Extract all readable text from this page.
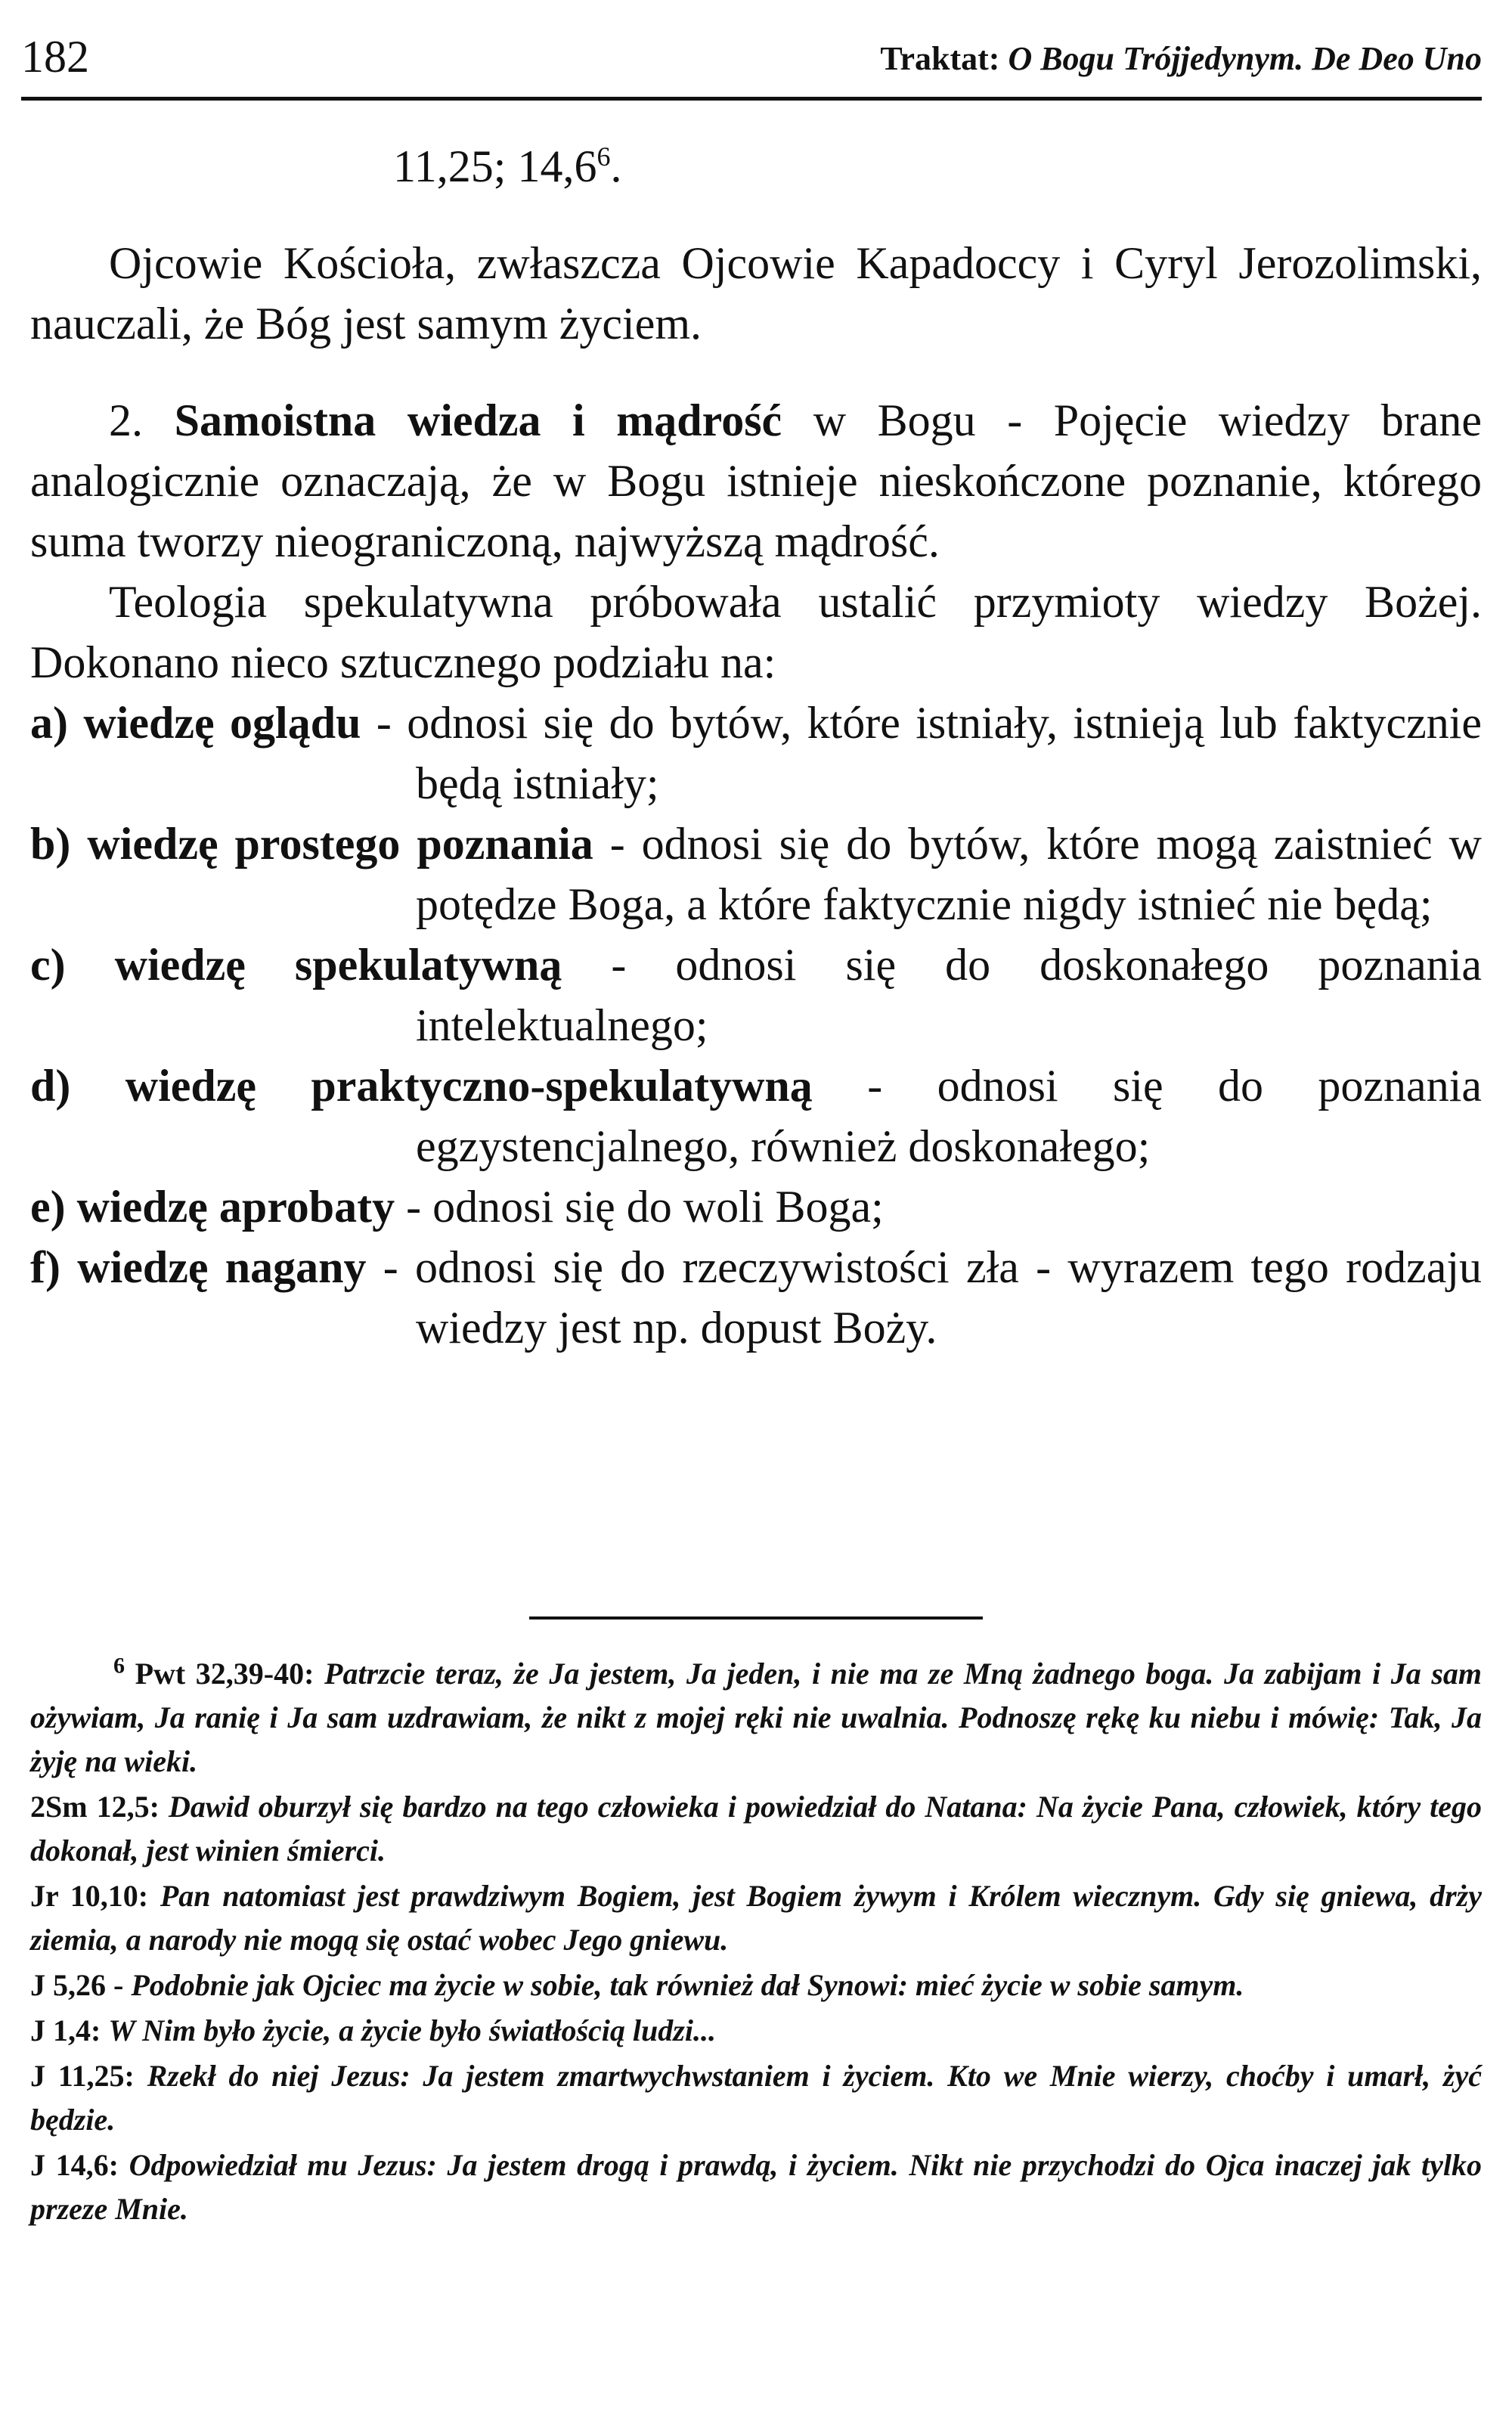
182	Traktat: O Bogu Trójjedynym. De Deo Uno
11,25; 14,6$^6$.
Ojcowie Kościoła, zwłaszcza Ojcowie Kapadoccy i Cyryl Jerozolimski, nauczali, że Bóg jest samym życiem.
2. Samoistna wiedza i mądrość w Bogu - Pojęcie wiedzy brane analogicznie oznaczają, że w Bogu istnieje nieskończone poznanie, którego suma tworzy nieograniczoną, najwyższą mądrość.
Teologia spekulatywna próbowała ustalić przymioty wiedzy Bożej. Dokonano nieco sztucznego podziału na:
a) wiedzę oglądu - odnosi się do bytów, które istniały, istnieją lub faktycznie będą istniały;
b) wiedzę prostego poznania - odnosi się do bytów, które mogą zaistnieć w potędze Boga, a które faktycznie nigdy istnieć nie będą;
c) wiedzę spekulatywną - odnosi się do doskonałego poznania intelektualnego;
d) wiedzę praktyczno-spekulatywną - odnosi się do poznania egzystencjalnego, również doskonałego;
e) wiedzę aprobaty - odnosi się do woli Boga;
f) wiedzę nagany - odnosi się do rzeczywistości zła - wyrazem tego rodzaju wiedzy jest np. dopust Boży.
$^6$ Pwt 32,39-40: Patrzcie teraz, że Ja jestem, Ja jeden, i nie ma ze Mną żadnego boga. Ja zabijam i Ja sam ożywiam, Ja ranię i Ja sam uzdrawiam, że nikt z mojej ręki nie uwalnia. Podnoszę rękę ku niebu i mówię: Tak, Ja żyję na wieki.
2Sm 12,5: Dawid oburzył się bardzo na tego człowieka i powiedział do Natana: Na życie Pana, człowiek, który tego dokonał, jest winien śmierci.
Jr 10,10: Pan natomiast jest prawdziwym Bogiem, jest Bogiem żywym i Królem wiecznym. Gdy się gniewa, drży ziemia, a narody nie mogą się ostać wobec Jego gniewu.
J 5,26 - Podobnie jak Ojciec ma życie w sobie, tak również dał Synowi: mieć życie w sobie samym.
J 1,4: W Nim było życie, a życie było światłością ludzi...
J 11,25: Rzekł do niej Jezus: Ja jestem zmartwychwstaniem i życiem. Kto we Mnie wierzy, choćby i umarł, żyć będzie.
J 14,6: Odpowiedział mu Jezus: Ja jestem drogą i prawdą, i życiem. Nikt nie przychodzi do Ojca inaczej jak tylko przeze Mnie.
